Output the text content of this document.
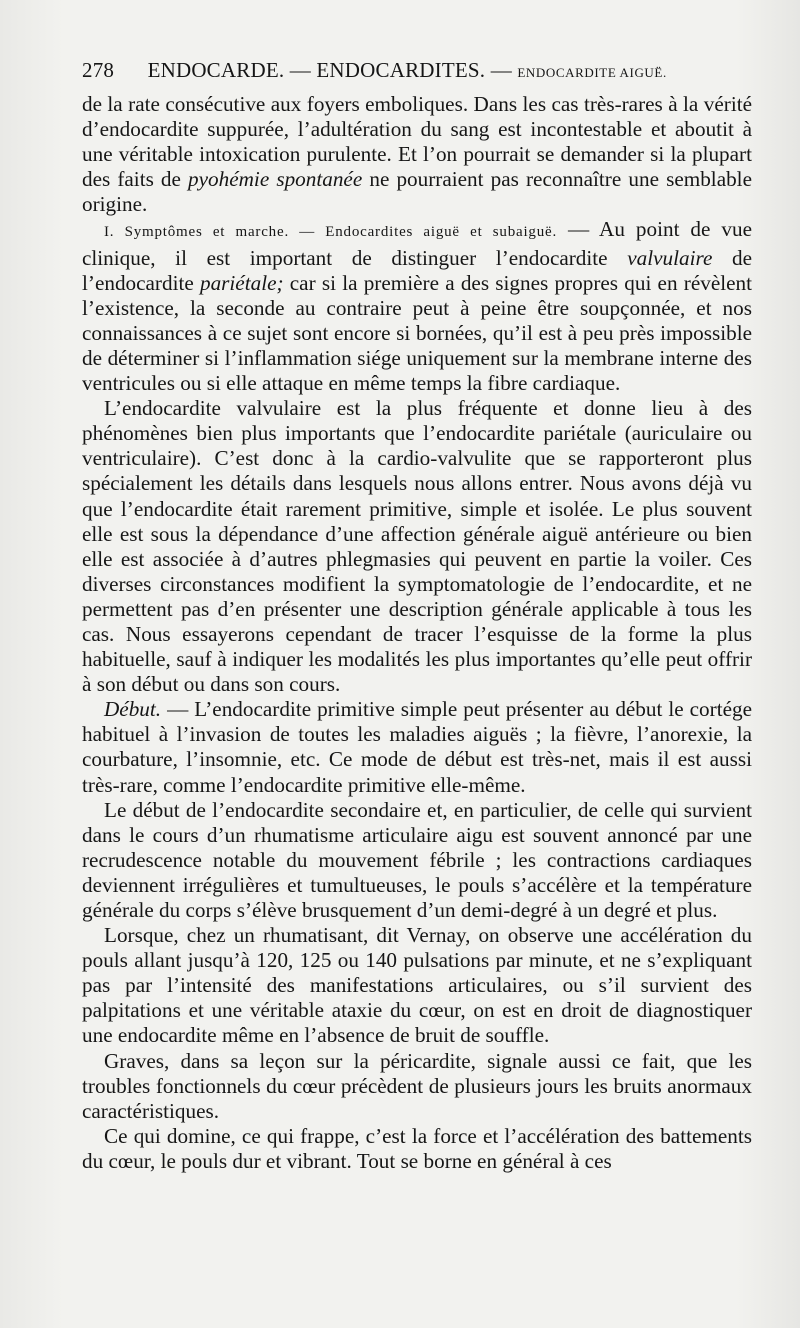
278 ENDOCARDE. — ENDOCARDITES. — ENDOCARDITE AIGUË.

de la rate consécutive aux foyers emboliques. Dans les cas très-rares à la vérité d’endocardite suppurée, l’adultération du sang est incontestable et aboutit à une véritable intoxication purulente. Et l’on pourrait se demander si la plupart des faits de pyohémie spontanée ne pourraient pas reconnaître une semblable origine.

I. Symptômes et marche. — Endocardites aiguë et subaiguë. — Au point de vue clinique, il est important de distinguer l’endocardite valvulaire de l’endocardite pariétale; car si la première a des signes propres qui en révèlent l’existence, la seconde au contraire peut à peine être soupçonnée, et nos connaissances à ce sujet sont encore si bornées, qu’il est à peu près impossible de déterminer si l’inflammation siége uniquement sur la membrane interne des ventricules ou si elle attaque en même temps la fibre cardiaque.

L’endocardite valvulaire est la plus fréquente et donne lieu à des phénomènes bien plus importants que l’endocardite pariétale (auriculaire ou ventriculaire). C’est donc à la cardio-valvulite que se rapporteront plus spécialement les détails dans lesquels nous allons entrer. Nous avons déjà vu que l’endocardite était rarement primitive, simple et isolée. Le plus souvent elle est sous la dépendance d’une affection générale aiguë antérieure ou bien elle est associée à d’autres phlegmasies qui peuvent en partie la voiler. Ces diverses circonstances modifient la symptomatologie de l’endocardite, et ne permettent pas d’en présenter une description générale applicable à tous les cas. Nous essayerons cependant de tracer l’esquisse de la forme la plus habituelle, sauf à indiquer les modalités les plus importantes qu’elle peut offrir à son début ou dans son cours.

Début. — L’endocardite primitive simple peut présenter au début le cortége habituel à l’invasion de toutes les maladies aiguës ; la fièvre, l’anorexie, la courbature, l’insomnie, etc. Ce mode de début est très-net, mais il est aussi très-rare, comme l’endocardite primitive elle-même.

Le début de l’endocardite secondaire et, en particulier, de celle qui survient dans le cours d’un rhumatisme articulaire aigu est souvent annoncé par une recrudescence notable du mouvement fébrile ; les contractions cardiaques deviennent irrégulières et tumultueuses, le pouls s’accélère et la température générale du corps s’élève brusquement d’un demi-degré à un degré et plus.

Lorsque, chez un rhumatisant, dit Vernay, on observe une accélération du pouls allant jusqu’à 120, 125 ou 140 pulsations par minute, et ne s’expliquant pas par l’intensité des manifestations articulaires, ou s’il survient des palpitations et une véritable ataxie du cœur, on est en droit de diagnostiquer une endocardite même en l’absence de bruit de souffle.

Graves, dans sa leçon sur la péricardite, signale aussi ce fait, que les troubles fonctionnels du cœur précèdent de plusieurs jours les bruits anormaux caractéristiques.

Ce qui domine, ce qui frappe, c’est la force et l’accélération des battements du cœur, le pouls dur et vibrant. Tout se borne en général à ces
